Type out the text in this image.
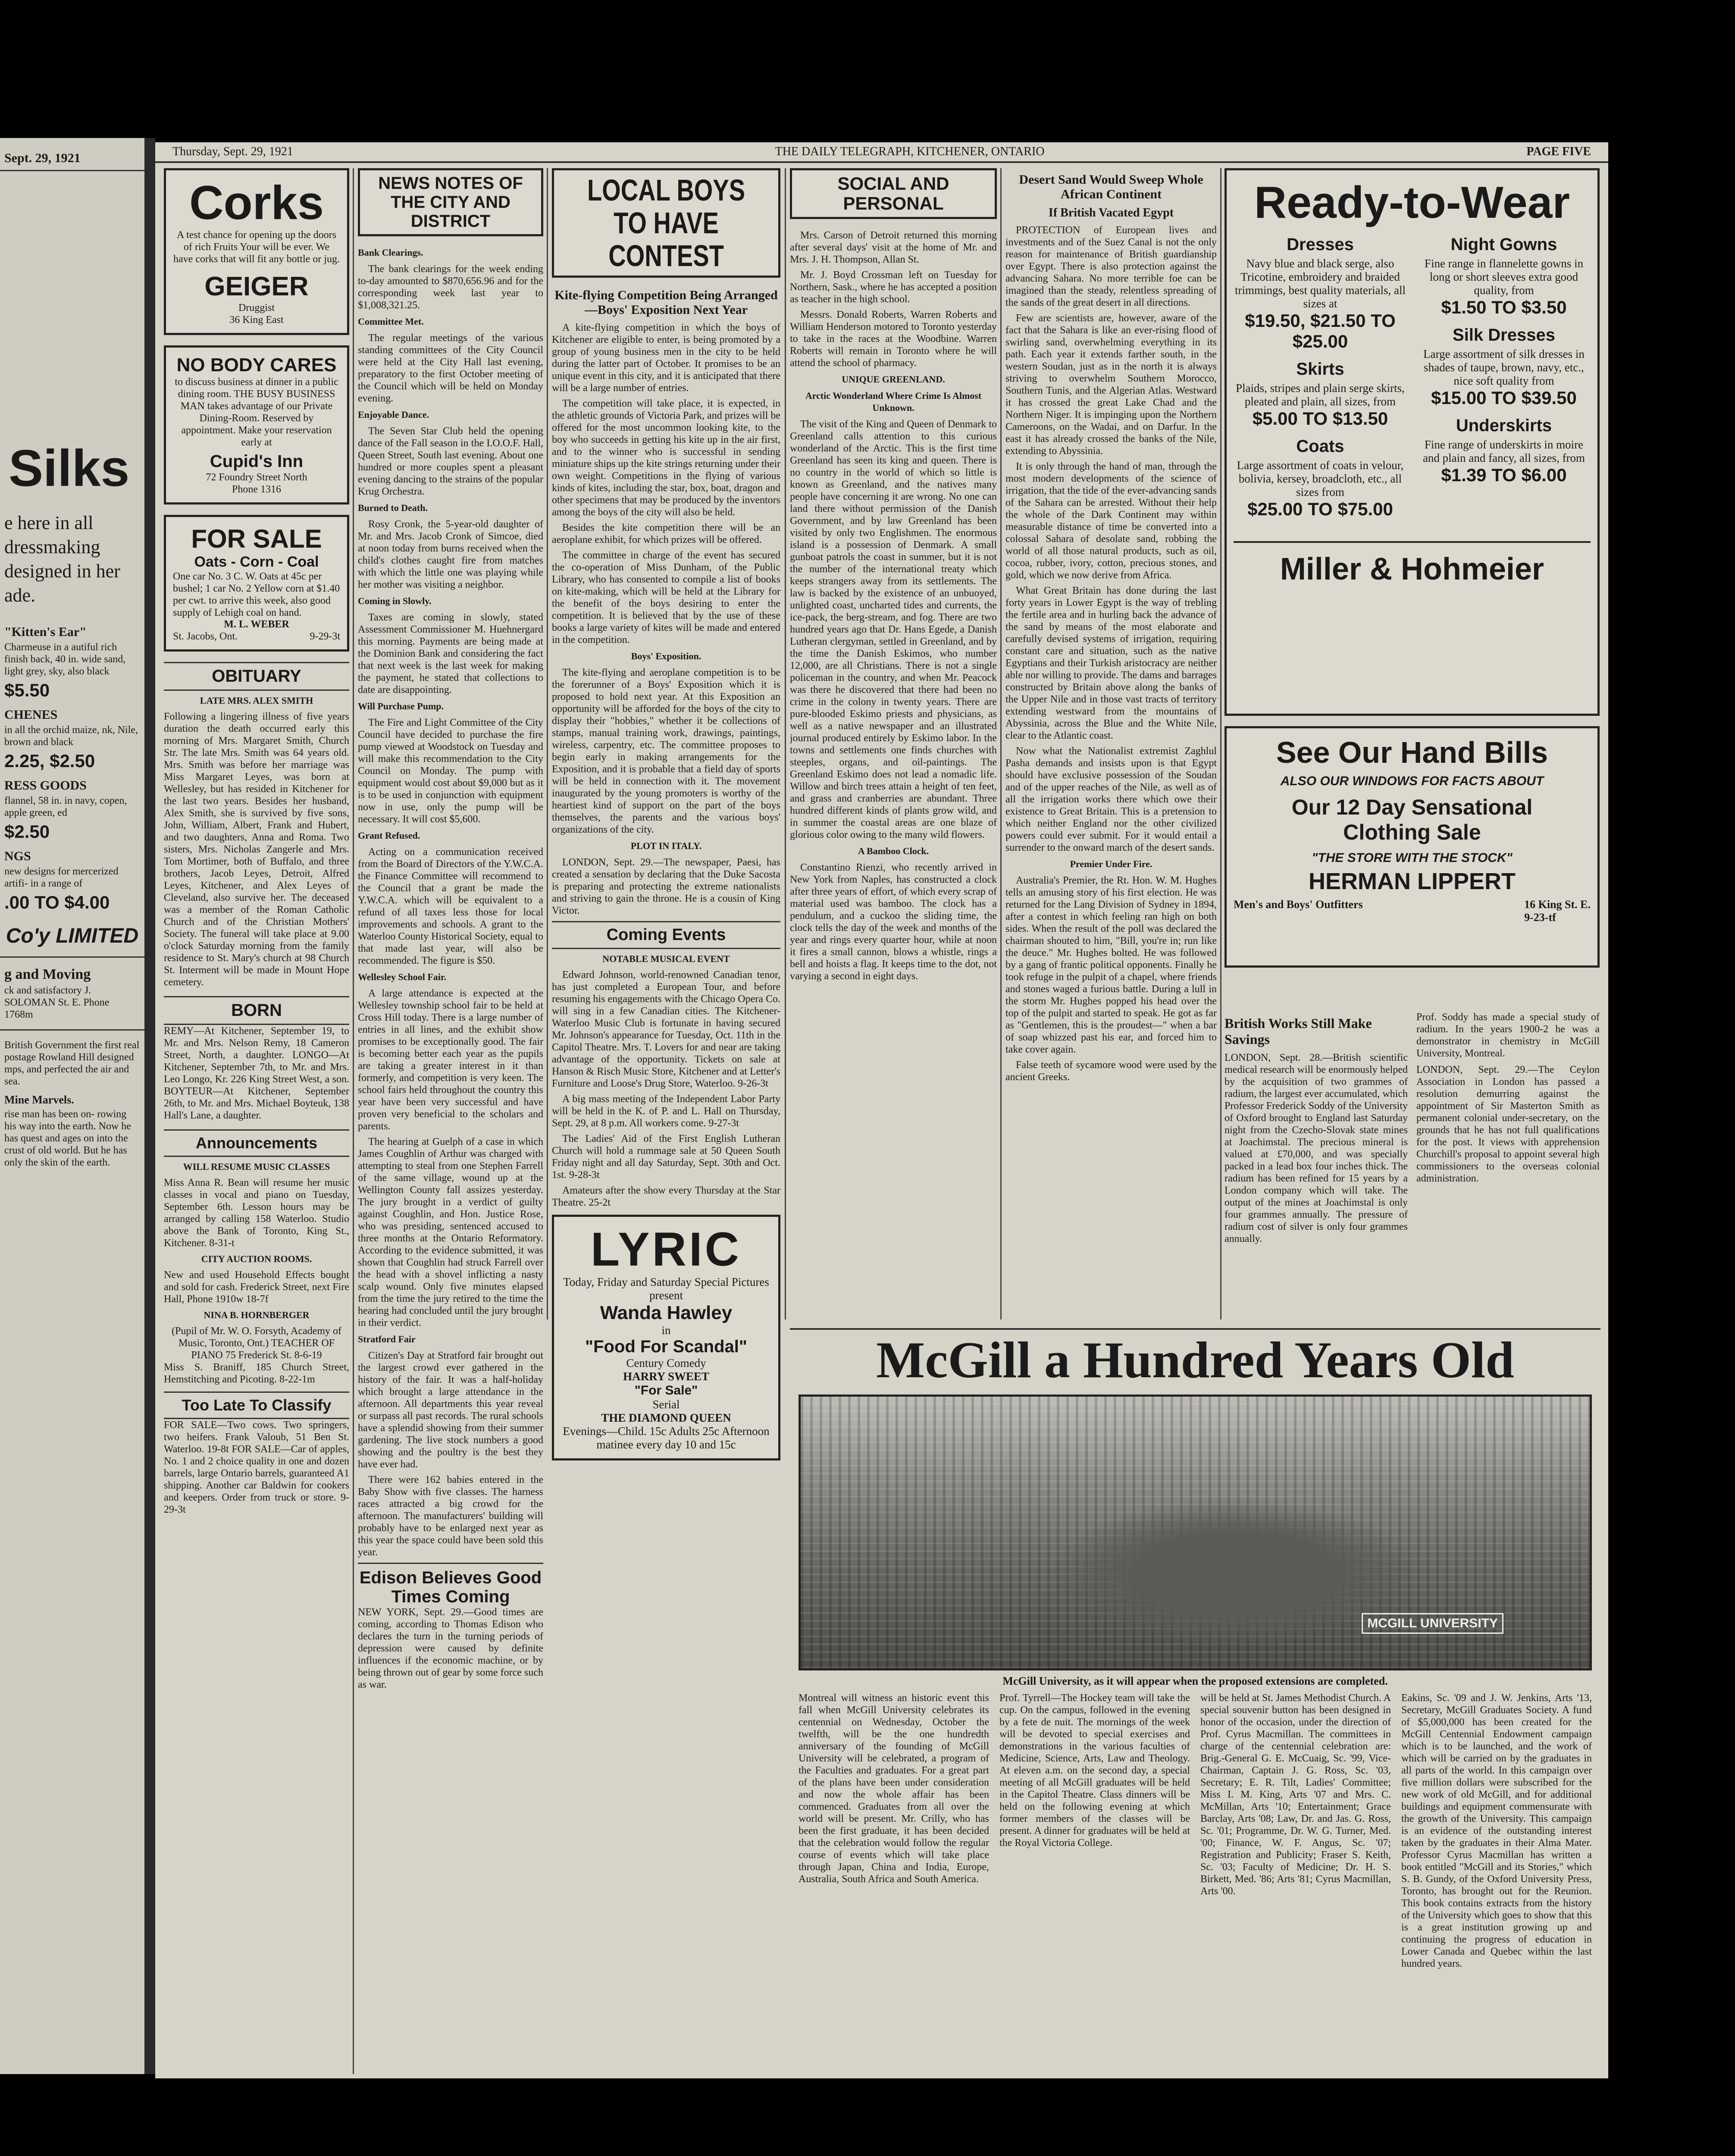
Sept. 29, 1921
Silks
e here in all
dressmaking
designed in her
ade.
"Kitten's Ear"
Charmeuse in a autiful rich finish back, 40 in. wide sand, light grey, sky, also black
$5.50
CHENES
in all the orchid maize, nk, Nile, brown and black
2.25, $2.50
RESS GOODS
flannel, 58 in. in navy, copen, apple green, ed
$2.50
NGS
new designs for mercerized artifi- in a range of
.00 TO $4.00
Co'y LIMITED
g and Moving
ck and satisfactory J. SOLOMAN St. E. Phone 1768m
British Government the first real postage Rowland Hill designed mps, and perfected the air and sea.
Mine Marvels.
rise man has been on- rowing his way into the earth. Now he has quest and ages on into the crust of old world. But he has only the skin of the earth.
Thursday, Sept. 29, 1921	THE DAILY TELEGRAPH, KITCHENER, ONTARIO	PAGE FIVE
Corks
A test chance for opening up the doors of rich Fruits Your will be ever. We have corks that will fit any bottle or jug.
GEIGER
Druggist
36 King East
NO BODY CARES
to discuss business at dinner in a public dining room. THE BUSY BUSINESS MAN takes advantage of our Private Dining-Room. Reserved by appointment. Make your reservation early at
Cupid's Inn
72 Foundry Street North
Phone 1316
FOR SALE
Oats - Corn - Coal
One car No. 3 C. W. Oats at 45c per bushel; 1 car No. 2 Yellow corn at $1.40 per cwt. to arrive this week, also good supply of Lehigh coal on hand.
M. L. WEBER
St. Jacobs, Ont.	9-29-3t
OBITUARY
LATE MRS. ALEX SMITH
Following a lingering illness of five years duration the death occurred early this morning of Mrs. Margaret Smith, Church Str. The late Mrs. Smith was 64 years old. Mrs. Smith was before her marriage was Miss Margaret Leyes, was born at Wellesley, but has resided in Kitchener for the last two years. Besides her husband, Alex Smith, she is survived by five sons, John, William, Albert, Frank and Hubert, and two daughters, Anna and Roma. Two sisters, Mrs. Nicholas Zangerle and Mrs. Tom Mortimer, both of Buffalo, and three brothers, Jacob Leyes, Detroit, Alfred Leyes, Kitchener, and Alex Leyes of Cleveland, also survive her. The deceased was a member of the Roman Catholic Church and of the Christian Mothers' Society. The funeral will take place at 9.00 o'clock Saturday morning from the family residence to St. Mary's church at 98 Church St. Interment will be made in Mount Hope cemetery.
BORN
REMY—At Kitchener, September 19, to Mr. and Mrs. Nelson Remy, 18 Cameron Street, North, a daughter. LONGO—At Kitchener, September 7th, to Mr. and Mrs. Leo Longo, Kr. 226 King Street West, a son. BOYTEUR—At Kitchener, September 26th, to Mr. and Mrs. Michael Boyteuk, 138 Hall's Lane, a daughter.
Announcements
WILL RESUME MUSIC CLASSES
Miss Anna R. Bean will resume her music classes in vocal and piano on Tuesday, September 6th. Lesson hours may be arranged by calling 158 Waterloo. Studio above the Bank of Toronto, King St., Kitchener. 8-31-t
CITY AUCTION ROOMS.
New and used Household Effects bought and sold for cash. Frederick Street, next Fire Hall, Phone 1910w 18-7f
NINA B. HORNBERGER
(Pupil of Mr. W. O. Forsyth, Academy of Music, Toronto, Ont.) TEACHER OF PIANO 75 Frederick St. 8-6-19
Miss S. Braniff, 185 Church Street, Hemstitching and Picoting. 8-22-1m
Too Late To Classify
FOR SALE—Two cows. Two springers, two heifers. Frank Valoub, 51 Ben St. Waterloo. 19-8t FOR SALE—Car of apples, No. 1 and 2 choice quality in one and dozen barrels, large Ontario barrels, guaranteed A1 shipping. Another car Baldwin for cookers and keepers. Order from truck or store. 9-29-3t
NEWS NOTES OF THE CITY AND DISTRICT
Bank Clearings.

The bank clearings for the week ending to-day amounted to $870,656.96 and for the corresponding week last year to $1,008,321.25.

Committee Met.

The regular meetings of the various standing committees of the City Council were held at the City Hall last evening, preparatory to the first October meeting of the Council which will be held on Monday evening.

Enjoyable Dance.

The Seven Star Club held the opening dance of the Fall season in the I.O.O.F. Hall, Queen Street, South last evening. About one hundred or more couples spent a pleasant evening dancing to the strains of the popular Krug Orchestra.

Burned to Death.

Rosy Cronk, the 5-year-old daughter of Mr. and Mrs. Jacob Cronk of Simcoe, died at noon today from burns received when the child's clothes caught fire from matches with which the little one was playing while her mother was visiting a neighbor.

Coming in Slowly.

Taxes are coming in slowly, stated Assessment Commissioner M. Huehnergard this morning. Payments are being made at the Dominion Bank and considering the fact that next week is the last week for making the payment, he stated that collections to date are disappointing.

Will Purchase Pump.

The Fire and Light Committee of the City Council have decided to purchase the fire pump viewed at Woodstock on Tuesday and will make this recommendation to the City Council on Monday. The pump with equipment would cost about $9,000 but as it is to be used in conjunction with equipment now in use, only the pump will be necessary. It will cost $5,600.

Grant Refused.

Acting on a communication received from the Board of Directors of the Y.W.C.A. the Finance Committee will recommend to the Council that a grant be made the Y.W.C.A. which will be equivalent to a refund of all taxes less those for local improvements and schools. A grant to the Waterloo County Historical Society, equal to that made last year, will also be recommended. The figure is $50.

Wellesley School Fair.

A large attendance is expected at the Wellesley township school fair to be held at Cross Hill today. There is a large number of entries in all lines, and the exhibit show promises to be exceptionally good. The fair is becoming better each year as the pupils are taking a greater interest in it than formerly, and competition is very keen. The school fairs held throughout the country this year have been very successful and have proven very beneficial to the scholars and parents.

The hearing at Guelph of a case in which James Coughlin of Arthur was charged with attempting to steal from one Stephen Farrell of the same village, wound up at the Wellington County fall assizes yesterday. The jury brought in a verdict of guilty against Coughlin, and Hon. Justice Rose, who was presiding, sentenced accused to three months at the Ontario Reformatory. According to the evidence submitted, it was shown that Coughlin had struck Farrell over the head with a shovel inflicting a nasty scalp wound. Only five minutes elapsed from the time the jury retired to the time the hearing had concluded until the jury brought in their verdict.

Stratford Fair

Citizen's Day at Stratford fair brought out the largest crowd ever gathered in the history of the fair. It was a half-holiday which brought a large attendance in the afternoon. All departments this year reveal or surpass all past records. The rural schools have a splendid showing from their summer gardening. The live stock numbers a good showing and the poultry is the best they have ever had.

There were 162 babies entered in the Baby Show with five classes. The harness races attracted a big crowd for the afternoon. The manufacturers' building will probably have to be enlarged next year as this year the space could have been sold this year.

Edison Believes Good Times Coming
NEW YORK, Sept. 29.—Good times are coming, according to Thomas Edison who declares the turn in the turning periods of depression were caused by definite influences if the economic machine, or by being thrown out of gear by some force such as war.
LOCAL BOYS TO HAVE CONTEST
Kite-flying Competition Being Arranged—Boys' Exposition Next Year

A kite-flying competition in which the boys of Kitchener are eligible to enter, is being promoted by a group of young business men in the city to be held during the latter part of October. It promises to be an unique event in this city, and it is anticipated that there will be a large number of entries.

The competition will take place, it is expected, in the athletic grounds of Victoria Park, and prizes will be offered for the most uncommon looking kite, to the boy who succeeds in getting his kite up in the air first, and to the winner who is successful in sending miniature ships up the kite strings returning under their own weight. Competitions in the flying of various kinds of kites, including the star, box, boat, dragon and other specimens that may be produced by the inventors among the boys of the city will also be held.

Besides the kite competition there will be an aeroplane exhibit, for which prizes will be offered.

The committee in charge of the event has secured the co-operation of Miss Dunham, of the Public Library, who has consented to compile a list of books on kite-making, which will be held at the Library for the benefit of the boys desiring to enter the competition. It is believed that by the use of these books a large variety of kites will be made and entered in the competition.

Boys' Exposition.

The kite-flying and aeroplane competition is to be the forerunner of a Boys' Exposition which it is proposed to hold next year. At this Exposition an opportunity will be afforded for the boys of the city to display their "hobbies," whether it be collections of stamps, manual training work, drawings, paintings, wireless, carpentry, etc. The committee proposes to begin early in making arrangements for the Exposition, and it is probable that a field day of sports will be held in connection with it. The movement inaugurated by the young promoters is worthy of the heartiest kind of support on the part of the boys themselves, the parents and the various boys' organizations of the city.

PLOT IN ITALY.

LONDON, Sept. 29.—The newspaper, Paesi, has created a sensation by declaring that the Duke Sacosta is preparing and protecting the extreme nationalists and striving to gain the throne. He is a cousin of King Victor.

Coming Events
NOTABLE MUSICAL EVENT

Edward Johnson, world-renowned Canadian tenor, has just completed a European Tour, and before resuming his engagements with the Chicago Opera Co. will sing in a few Canadian cities. The Kitchener-Waterloo Music Club is fortunate in having secured Mr. Johnson's appearance for Tuesday, Oct. 11th in the Capitol Theatre. Mrs. T. Lovers for and near are taking advantage of the opportunity. Tickets on sale at Hanson & Risch Music Store, Kitchener and at Letter's Furniture and Loose's Drug Store, Waterloo. 9-26-3t

A big mass meeting of the Independent Labor Party will be held in the K. of P. and L. Hall on Thursday, Sept. 29, at 8 p.m. All workers come. 9-27-3t

The Ladies' Aid of the First English Lutheran Church will hold a rummage sale at 50 Queen South Friday night and all day Saturday, Sept. 30th and Oct. 1st. 9-28-3t

Amateurs after the show every Thursday at the Star Theatre. 25-2t

LYRIC
Today, Friday and Saturday Special Pictures present
Wanda Hawley
in
"Food For Scandal"
Century Comedy
HARRY SWEET
"For Sale"
Serial
THE DIAMOND QUEEN
Evenings—Child. 15c Adults 25c Afternoon matinee every day 10 and 15c
SOCIAL AND PERSONAL

Mrs. Carson of Detroit returned this morning after several days' visit at the home of Mr. and Mrs. J. H. Thompson, Allan St.

Mr. J. Boyd Crossman left on Tuesday for Northern, Sask., where he has accepted a position as teacher in the high school.

Messrs. Donald Roberts, Warren Roberts and William Henderson motored to Toronto yesterday to take in the races at the Woodbine. Warren Roberts will remain in Toronto where he will attend the school of pharmacy.

UNIQUE GREENLAND.
Arctic Wonderland Where Crime Is Almost Unknown.

The visit of the King and Queen of Denmark to Greenland calls attention to this curious wonderland of the Arctic. This is the first time Greenland has seen its king and queen. There is no country in the world of which so little is known as Greenland, and the natives many people have concerning it are wrong. No one can land there without permission of the Danish Government, and by law Greenland has been visited by only two Englishmen. The enormous island is a possession of Denmark. A small gunboat patrols the coast in summer, but it is not the number of the international treaty which keeps strangers away from its settlements. The law is backed by the existence of an unbuoyed, unlighted coast, uncharted tides and currents, the ice-pack, the berg-stream, and fog. There are two hundred years ago that Dr. Hans Egede, a Danish Lutheran clergyman, settled in Greenland, and by the time the Danish Eskimos, who number 12,000, are all Christians. There is not a single policeman in the country, and when Mr. Peacock was there he discovered that there had been no crime in the colony in twenty years. There are pure-blooded Eskimo priests and physicians, as well as a native newspaper and an illustrated journal produced entirely by Eskimo labor. In the towns and settlements one finds churches with steeples, organs, and oil-paintings. The Greenland Eskimo does not lead a nomadic life. Willow and birch trees attain a height of ten feet, and grass and cranberries are abundant. Three hundred different kinds of plants grow wild, and in summer the coastal areas are one blaze of glorious color owing to the many wild flowers.

A Bamboo Clock.

Constantino Rienzi, who recently arrived in New York from Naples, has constructed a clock after three years of effort, of which every scrap of material used was bamboo. The clock has a pendulum, and a cuckoo the sliding time, the clock tells the day of the week and months of the year and rings every quarter hour, while at noon it fires a small cannon, blows a whistle, rings a bell and hoists a flag. It keeps time to the dot, not varying a second in eight days.

Desert Sand Would Sweep Whole African Continent
If British Vacated Egypt

PROTECTION of European lives and investments and of the Suez Canal is not the only reason for maintenance of British guardianship over Egypt. There is also protection against the advancing Sahara. No more terrible foe can be imagined than the steady, relentless spreading of the sands of the great desert in all directions.

Few are scientists are, however, aware of the fact that the Sahara is like an ever-rising flood of swirling sand, overwhelming everything in its path. Each year it extends farther south, in the western Soudan, just as in the north it is always striving to overwhelm Southern Morocco, Southern Tunis, and the Algerian Atlas. Westward it has crossed the great Lake Chad and the Northern Niger. It is impinging upon the Northern Cameroons, on the Wadai, and on Darfur. In the east it has already crossed the banks of the Nile, extending to Abyssinia.

It is only through the hand of man, through the most modern developments of the science of irrigation, that the tide of the ever-advancing sands of the Sahara can be arrested. Without their help the whole of the Dark Continent may within measurable distance of time be converted into a colossal Sahara of desolate sand, robbing the world of all those natural products, such as oil, cocoa, rubber, ivory, cotton, precious stones, and gold, which we now derive from Africa.

What Great Britain has done during the last forty years in Lower Egypt is the way of trebling the fertile area and in hurling back the advance of the sand by means of the most elaborate and carefully devised systems of irrigation, requiring constant care and situation, such as the native Egyptians and their Turkish aristocracy are neither able nor willing to provide. The dams and barrages constructed by Britain above along the banks of the Upper Nile and in those vast tracts of territory extending westward from the mountains of Abyssinia, across the Blue and the White Nile, clear to the Atlantic coast.

Now what the Nationalist extremist Zaghlul Pasha demands and insists upon is that Egypt should have exclusive possession of the Soudan and of the upper reaches of the Nile, as well as of all the irrigation works there which owe their existence to Great Britain. This is a pretension to which neither England nor the other civilized powers could ever submit. For it would entail a surrender to the onward march of the desert sands.

Premier Under Fire.

Australia's Premier, the Rt. Hon. W. M. Hughes tells an amusing story of his first election. He was returned for the Lang Division of Sydney in 1894, after a contest in which feeling ran high on both sides. When the result of the poll was declared the chairman shouted to him, "Bill, you're in; run like the deuce." Mr. Hughes bolted. He was followed by a gang of frantic political opponents. Finally he took refuge in the pulpit of a chapel, where friends and stones waged a furious battle. During a lull in the storm Mr. Hughes popped his head over the top of the pulpit and started to speak. He got as far as "Gentlemen, this is the proudest—" when a bar of soap whizzed past his ear, and forced him to take cover again.

False teeth of sycamore wood were used by the ancient Greeks.

Ready-to-Wear
Dresses
Navy blue and black serge, also Tricotine, embroidery and braided trimmings, best quality materials, all sizes at
$19.50, $21.50 TO $25.00
Skirts
Plaids, stripes and plain serge skirts, pleated and plain, all sizes, from
$5.00 TO $13.50
Coats
Large assortment of coats in velour, bolivia, kersey, broadcloth, etc., all sizes from
$25.00 TO $75.00
Night Gowns
Fine range in flannelette gowns in long or short sleeves extra good quality, from
$1.50 TO $3.50
Silk Dresses
Large assortment of silk dresses in shades of taupe, brown, navy, etc., nice soft quality from
$15.00 TO $39.50
Underskirts
Fine range of underskirts in moire and plain and fancy, all sizes, from
$1.39 TO $6.00
Miller & Hohmeier
See Our Hand Bills
ALSO OUR WINDOWS FOR FACTS ABOUT
Our 12 Day Sensational
Clothing Sale
"THE STORE WITH THE STOCK"
HERMAN LIPPERT
Men's and Boys' Outfitters	16 King St. E.
9-23-tf
British Works Still Make Savings
LONDON, Sept. 28.—British scientific medical research will be enormously helped by the acquisition of two grammes of radium, the largest ever accumulated, which Professor Frederick Soddy of the University of Oxford brought to England last Saturday night from the Czecho-Slovak state mines at Joachimstal. The precious mineral is valued at £70,000, and was specially packed in a lead box four inches thick. The radium has been refined for 15 years by a London company which will take. The output of the mines at Joachimstal is only four grammes annually. The pressure of radium cost of silver is only four grammes annually.
Prof. Soddy has made a special study of radium. In the years 1900-2 he was a demonstrator in chemistry in McGill University, Montreal.
LONDON, Sept. 29.—The Ceylon Association in London has passed a resolution demurring against the appointment of Sir Masterton Smith as permanent colonial under-secretary, on the grounds that he has not full qualifications for the post. It views with apprehension Churchill's proposal to appoint several high commissioners to the overseas colonial administration.
McGill a Hundred Years Old
MCGILL UNIVERSITY
McGill University, as it will appear when the proposed extensions are completed.
Montreal will witness an historic event this fall when McGill University celebrates its centennial on Wednesday, October the twelfth, will be the one hundredth anniversary of the founding of McGill University will be celebrated, a program of the Faculties and graduates. For a great part of the plans have been under consideration and now the whole affair has been commenced. Graduates from all over the world will be present. Mr. Crilly, who has been the first graduate, it has been decided that the celebration would follow the regular course of events which will take place through Japan, China and India, Europe, Australia, South Africa and South America.
Prof. Tyrrell—The Hockey team will take the cup. On the campus, followed in the evening by a fete de nuit. The mornings of the week will be devoted to special exercises and demonstrations in the various faculties of Medicine, Science, Arts, Law and Theology. At eleven a.m. on the second day, a special meeting of all McGill graduates will be held in the Capitol Theatre. Class dinners will be held on the following evening at which former members of the classes will be present. A dinner for graduates will be held at the Royal Victoria College.
will be held at St. James Methodist Church. A special souvenir button has been designed in honor of the occasion, under the direction of Prof. Cyrus Macmillan. The committees in charge of the centennial celebration are: Brig.-General G. E. McCuaig, Sc. '99, Vice-Chairman, Captain J. G. Ross, Sc. '03, Secretary; E. R. Tilt, Ladies' Committee; Miss I. M. King, Arts '07 and Mrs. C. McMillan, Arts '10; Entertainment; Grace Barclay, Arts '08; Law, Dr. and Jas. G. Ross, Sc. '01; Programme, Dr. W. G. Turner, Med. '00; Finance, W. F. Angus, Sc. '07; Registration and Publicity; Fraser S. Keith, Sc. '03; Faculty of Medicine; Dr. H. S. Birkett, Med. '86; Arts '81; Cyrus Macmillan, Arts '00.
Eakins, Sc. '09 and J. W. Jenkins, Arts '13, Secretary, McGill Graduates Society. A fund of $5,000,000 has been created for the McGill Centennial Endowment campaign which is to be launched, and the work of which will be carried on by the graduates in all parts of the world. In this campaign over five million dollars were subscribed for the new work of old McGill, and for additional buildings and equipment commensurate with the growth of the University. This campaign is an evidence of the outstanding interest taken by the graduates in their Alma Mater. Professor Cyrus Macmillan has written a book entitled "McGill and its Stories," which S. B. Gundy, of the Oxford University Press, Toronto, has brought out for the Reunion. This book contains extracts from the history of the University which goes to show that this is a great institution growing up and continuing the progress of education in Lower Canada and Quebec within the last hundred years.
